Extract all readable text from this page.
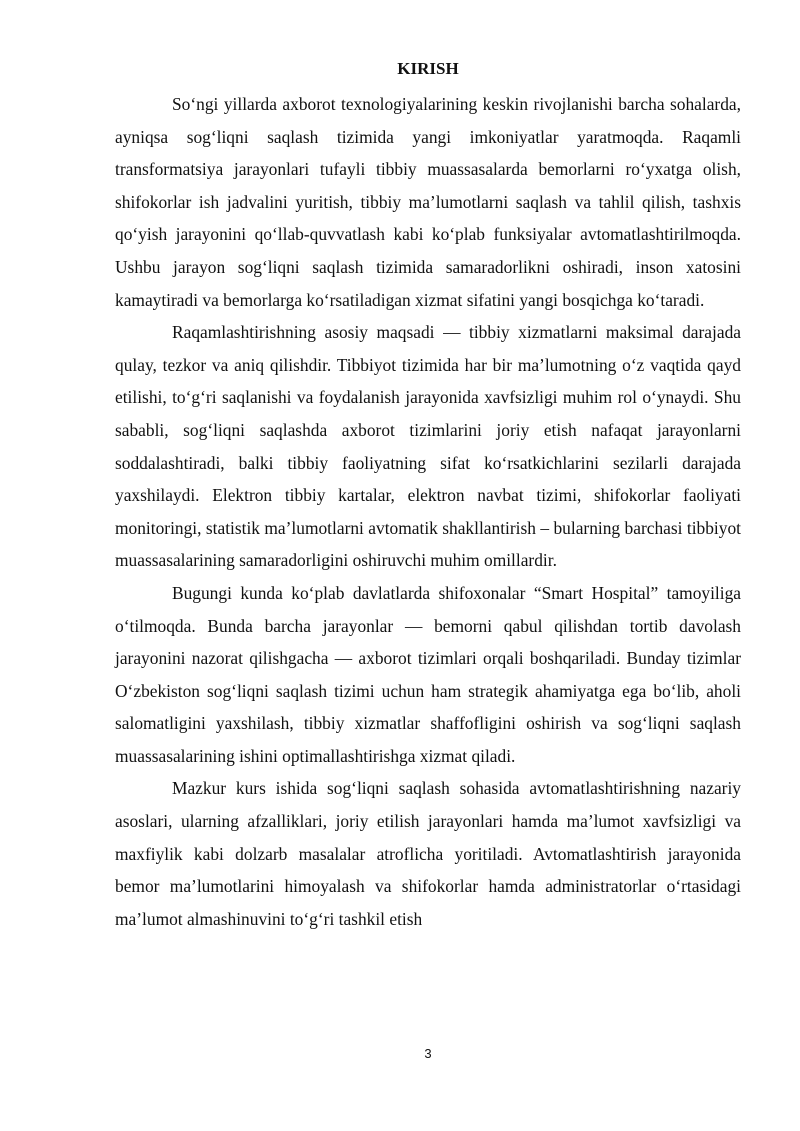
KIRISH

So‘ngi yillarda axborot texnologiyalarining keskin rivojlanishi barcha sohalarda, ayniqsa sog‘liqni saqlash tizimida yangi imkoniyatlar yaratmoqda. Raqamli transformatsiya jarayonlari tufayli tibbiy muassasalarda bemorlarni ro‘yxatga olish, shifokorlar ish jadvalini yuritish, tibbiy ma’lumotlarni saqlash va tahlil qilish, tashxis qo‘yish jarayonini qo‘llab-quvvatlash kabi ko‘plab funksiyalar avtomatlashtirilmoqda. Ushbu jarayon sog‘liqni saqlash tizimida samaradorlikni oshiradi, inson xatosini kamaytiradi va bemorlarga ko‘rsatiladigan xizmat sifatini yangi bosqichga ko‘taradi.

Raqamlashtirishning asosiy maqsadi — tibbiy xizmatlarni maksimal darajada qulay, tezkor va aniq qilishdir. Tibbiyot tizimida har bir ma’lumotning o‘z vaqtida qayd etilishi, to‘g‘ri saqlanishi va foydalanish jarayonida xavfsizligi muhim rol o‘ynaydi. Shu sababli, sog‘liqni saqlashda axborot tizimlarini joriy etish nafaqat jarayonlarni soddalashtiradi, balki tibbiy faoliyatning sifat ko‘rsatkichlarini sezilarli darajada yaxshilaydi. Elektron tibbiy kartalar, elektron navbat tizimi, shifokorlar faoliyati monitoringi, statistik ma’lumotlarni avtomatik shakllantirish – bularning barchasi tibbiyot muassasalarining samaradorligini oshiruvchi muhim omillardir.

Bugungi kunda ko‘plab davlatlarda shifoxonalar “Smart Hospital” tamoyiliga o‘tilmoqda. Bunda barcha jarayonlar — bemorni qabul qilishdan tortib davolash jarayonini nazorat qilishgacha — axborot tizimlari orqali boshqariladi. Bunday tizimlar O‘zbekiston sog‘liqni saqlash tizimi uchun ham strategik ahamiyatga ega bo‘lib, aholi salomatligini yaxshilash, tibbiy xizmatlar shaffofligini oshirish va sog‘liqni saqlash muassasalarining ishini optimallashtirishga xizmat qiladi.

Mazkur kurs ishida sog‘liqni saqlash sohasida avtomatlashtirishning nazariy asoslari, ularning afzalliklari, joriy etilish jarayonlari hamda ma’lumot xavfsizligi va maxfiylik kabi dolzarb masalalar atroflicha yoritiladi. Avtomatlashtirish jarayonida bemor ma’lumotlarini himoyalash va shifokorlar hamda administratorlar o‘rtasidagi ma’lumot almashinuvini to‘g‘ri tashkil etish

3
